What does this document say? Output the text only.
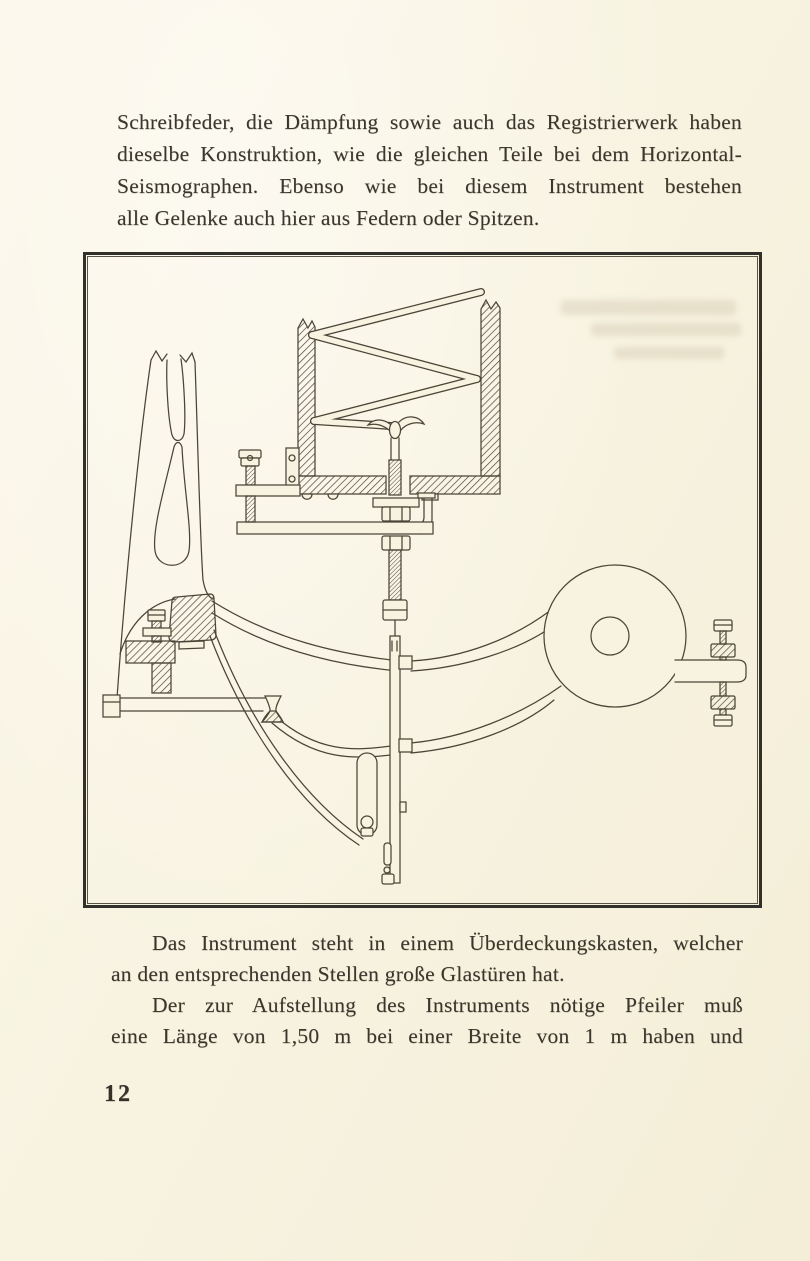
Schreibfeder, die Dämpfung sowie auch das Registrierwerk haben
dieselbe Konstruktion, wie die gleichen Teile bei dem Horizontal-
Seismographen. Ebenso wie bei diesem Instrument bestehen
alle Gelenke auch hier aus Federn oder Spitzen.
Das Instrument steht in einem Überdeckungskasten, welcher
an den entsprechenden Stellen große Glastüren hat.
Der zur Aufstellung des Instruments nötige Pfeiler muß
eine Länge von 1,50 m bei einer Breite von 1 m haben und
12
